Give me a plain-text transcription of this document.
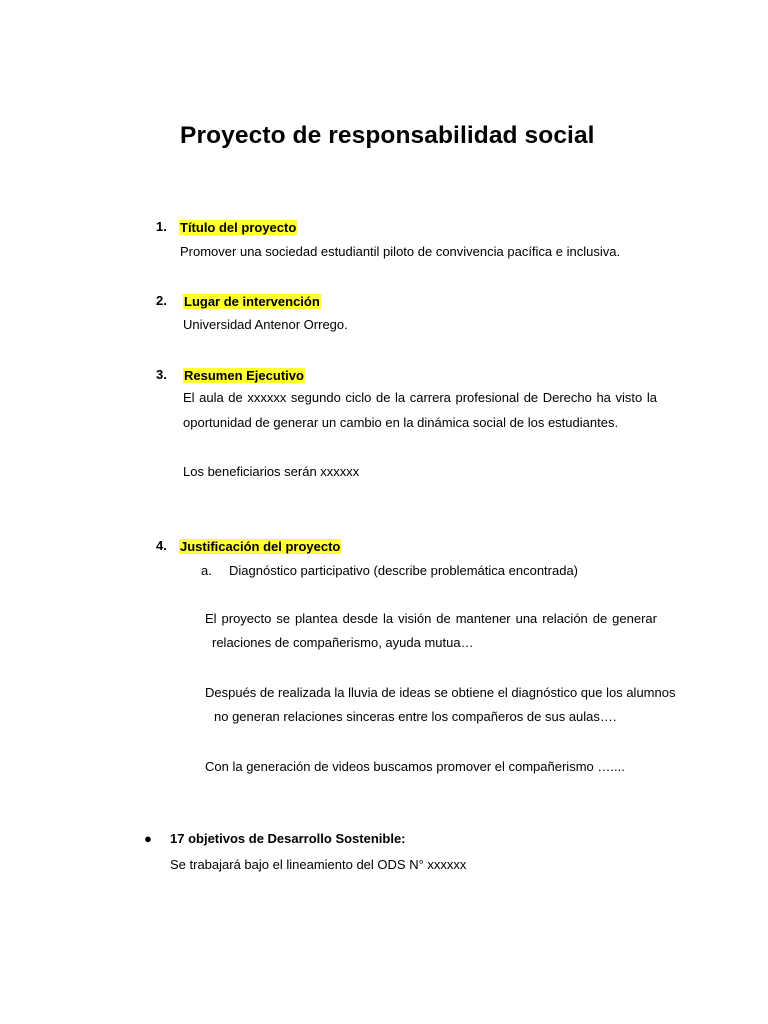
Proyecto de responsabilidad social
1. Título del proyecto
Promover una sociedad estudiantil piloto de convivencia pacífica e inclusiva.
2. Lugar de intervención
Universidad Antenor Orrego.
3. Resumen Ejecutivo
El aula de xxxxxx segundo ciclo de la carrera profesional de Derecho ha visto la
oportunidad de generar un cambio en la dinámica social de los estudiantes.
Los beneficiarios serán xxxxxx
4. Justificación del proyecto
a. Diagnóstico participativo (describe problemática encontrada)
El proyecto se plantea desde la visión de mantener una relación de generar
relaciones de compañerismo, ayuda mutua…
Después de realizada la lluvia de ideas se obtiene el diagnóstico que los alumnos
no generan relaciones sinceras entre los compañeros de sus aulas….
Con la generación de videos buscamos promover el compañerismo …....
● 17 objetivos de Desarrollo Sostenible:
Se trabajará bajo el lineamiento del ODS N° xxxxxx
